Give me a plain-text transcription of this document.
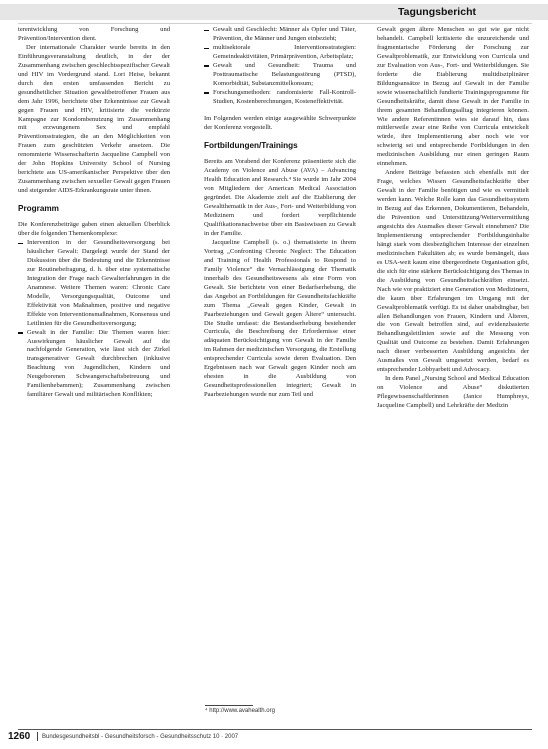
Tagungsbericht

terentwicklung von Forschung und Prävention/Intervention dient.

Der internationale Charakter wurde bereits in den Einführungsveranstaltung deutlich, in der der Zusammenhang zwischen geschlechtsspezifischer Gewalt und HIV im Vordergrund stand. Lori Heise, bekannt durch den ersten umfassenden Bericht zu gesundheitlicher Situation gewaltbetroffener Frauen aus dem Jahr 1996, berichtete über Erkenntnisse zur Gewalt gegen Frauen und HIV, kritisierte die verkürzte Kampagne zur Kondombenutzung im Zusammenhang mit erzwungenem Sex und empfahl Präventionsstrategien, die an den Möglichkeiten von Frauen zum geschützten Verkehr ansetzen. Die renommierte Wissenschafterin Jacqueline Campbell von der John Hopkins University School of Nursing berichtete aus US-amerikanischer Perspektive über den Zusammenhang zwischen sexueller Gewalt gegen Frauen und steigender AIDS-Erkrankungsrate unter ihnen.

Programm

Die Konferenzbeiträge gaben einen aktuellen Überblick über die folgenden Themenkomplexe:

Intervention in der Gesundheitsversorgung bei häuslicher Gewalt: Dargelegt wurde der Stand der Diskussion über die Bedeutung und die Erkenntnisse zur Routinebefragung, d. h. über eine systematische Integration der Frage nach Gewalterfahrungen in die Anamnese. Weitere Themen waren: Chronic Care Modelle, Versorgungsqualität, Outcome und Effektivität von Maßnahmen, positive und negative Effekte von Interventionsmaßnahmen, Konsensus und Leitlinien für die Gesundheitsversorgung;
Gewalt in der Familie: Die Themen waren hier: Auswirkungen häuslicher Gewalt auf die nachfolgende Generation, wie lässt sich der Zirkel transgenerativer Gewalt durchbrechen (inklusive Beachtung von Jugendlichen, Kindern und Neugeborenen Schwangerschaftsbetreuung und Familienhebammen); Zusammenhang zwischen familiärer Gewalt und militärischen Konflikten;
Gewalt und Geschlecht: Männer als Opfer und Täter, Prävention, die Männer und Jungen einbezieht;
multisektorale Interventionsstrategien: Gemeindeaktivitäten, Primärprävention, Arbeitsplatz;
Gewalt und Gesundheit: Trauma und Posttraumatische Belastungsstörung (PTSD), Komorbidität, Substanzmittelkonsum;
Forschungsmethoden: randomisierte Fall-Kontroll-Studien, Kostenberechnungen, Kosteneffektivität.

Im Folgenden werden einige ausgewählte Schwerpunkte der Konferenz vorgestellt.

Fortbildungen/Trainings

Bereits am Vorabend der Konferenz präsentierte sich die Academy on Violence and Abuse (AVA) – Advancing Health Education and Research.⁴ Sie wurde im Jahr 2004 von Mitgliedern der American Medical Association gegründet. Die Akademie zielt auf die Etablierung der Gewaltthematik in der Aus-, Fort- und Weiterbildung von Medizinern und fordert verpflichtende Qualifikationsnachweise über ein Basiswissen zu Gewalt in der Familie.

Jacqueline Campbell (s. o.) thematisierte in ihrem Vortrag „Confronting Chronic Neglect: The Education and Training of Health Professionals to Respond to Family Violence“ die Vernachlässigung der Thematik innerhalb des Gesundheitswesens als eine Form von Gewalt. Sie berichtete von einer Bedarfserhebung, die das Angebot an Fortbildungen für Gesundheitsfachkräfte zum Thema „Gewalt gegen Kinder, Gewalt in Paarbeziehungen und Gewalt gegen Ältere“ untersucht. Die Studie umfasst: die Bestandserhebung bestehender Curricula, die Beschreibung der Erfordernisse einer adäquaten Berücksichtigung von Gewalt in der Familie im Rahmen der medizinischen Versorgung, die Erstellung entsprechender Curricula sowie deren Evaluation. Den Ergebnissen nach war Gewalt gegen Kinder noch am ehesten in die Ausbildung von Gesundheitsprofessionellen integriert; Gewalt in Paarbeziehungen wurde nur zum Teil und

Gewalt gegen ältere Menschen so gut wie gar nicht behandelt. Campbell kritisierte die unzureichende und fragmentarische Förderung der Forschung zur Gewaltproblematik, zur Entwicklung von Curricula und zur Evaluation von Aus-, Fort- und Weiterbildungen. Sie forderte die Etablierung multidisziplinärer Bildungsansätze in Bezug auf Gewalt in der Familie sowie wissenschaftlich fundierte Trainingsprogramme für Gesundheitskräfte, damit diese Gewalt in der Familie in ihrem gesamten Behandlungsalltag integrieren können. Wie andere Referentinnen wies sie darauf hin, dass mittlerweile zwar eine Reihe von Curricula entwickelt würde, ihre Implementierung aber noch wie vor schwierig sei und entsprechende Fortbildungen in den medizinischen Ausbildung nur einen geringen Raum einnehmen.

Andere Beiträge befassten sich ebenfalls mit der Frage, welches Wissen Gesundheitsfachkräfte über Gewalt in der Familie benötigen und wie es vermittelt werden kann. Welche Rolle kann das Gesundheitssystem in Bezug auf das Erkennen, Dokumentieren, Behandeln, die Prävention und Unterstützung/Weitervermittlung angesichts des Ausmaßes dieser Gewalt einnehmen? Die Implementierung entsprechender Fortbildungsinhalte hängt stark vom diesbezüglichen Interesse der einzelnen medizinischen Fakultäten ab; es wurde bemängelt, dass es USA-weit kaum eine übergeordnete Organisation gibt, die sich für eine stärkere Berücksichtigung des Themas in die Ausbildung von Gesundheitsfachkräften einsetzt. Nach wie vor praktiziert eine Generation von Medizinern, die kaum über Erfahrungen im Umgang mit der Gewaltproblematik verfügt. Es ist daher unabdingbar, bei allen Behandlungen von Frauen, Kindern und Älteren, die von Gewalt betroffen sind, auf evidenzbasierte Behandlungsleitlinien sowie auf die Messung von Qualität und Outcome zu bestehen. Damit Erfahrungen nach dieser verbesserten Ausbildung angesichts der Ausmaßes von Gewalt umgesetzt werden, bedarf es entsprechender Lobbyarbeit und Advocacy.

In dem Panel „Nursing School and Medical Education on Violence and Abuse“ diskutierten Pflegewissenschaftlerinnen (Janice Humphreys, Jacqueline Campbell) und Lehrkräfte der Medizin

⁴ http://www.avahealth.org
1260 Bundesgesundheitsbl - Gesundheitsforsch - Gesundheitsschutz 10 · 2007
